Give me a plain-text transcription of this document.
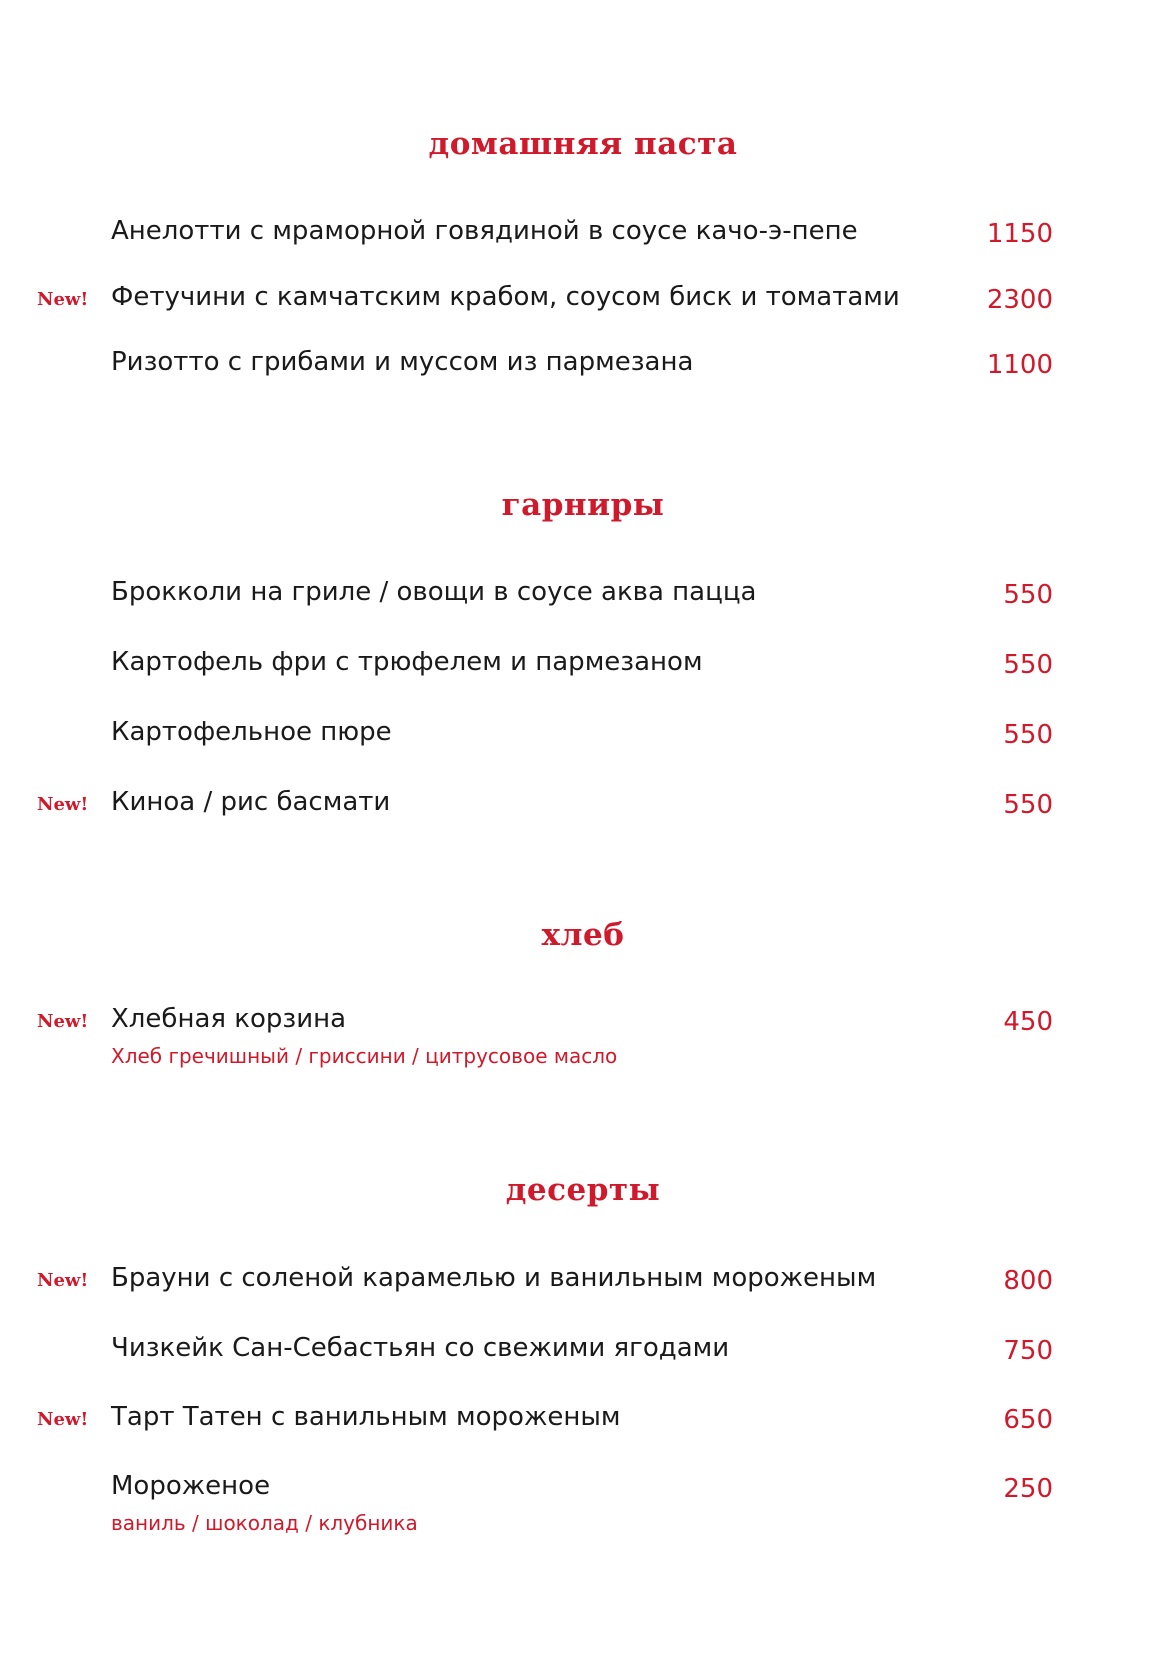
домашняя паста
Анелотти с мраморной говядиной в соусе качо-э-пепе	1150
New! Фетучини с камчатским крабом, соусом биск и томатами	2300
Ризотто с грибами и муссом из пармезана	1100
гарниры
Брокколи на гриле / овощи в соусе аква пацца	550
Картофель фри с трюфелем и пармезаном	550
Картофельное пюре	550
New! Киноа / рис басмати	550
хлеб
New! Хлебная корзина	450
Хлеб гречишный / гриссини / цитрусовое масло
десерты
New! Брауни с соленой карамелью и ванильным мороженым	800
Чизкейк Сан-Себастьян со свежими ягодами	750
New! Тарт Татен с ванильным мороженым	650
Мороженое	250
ваниль / шоколад / клубника
